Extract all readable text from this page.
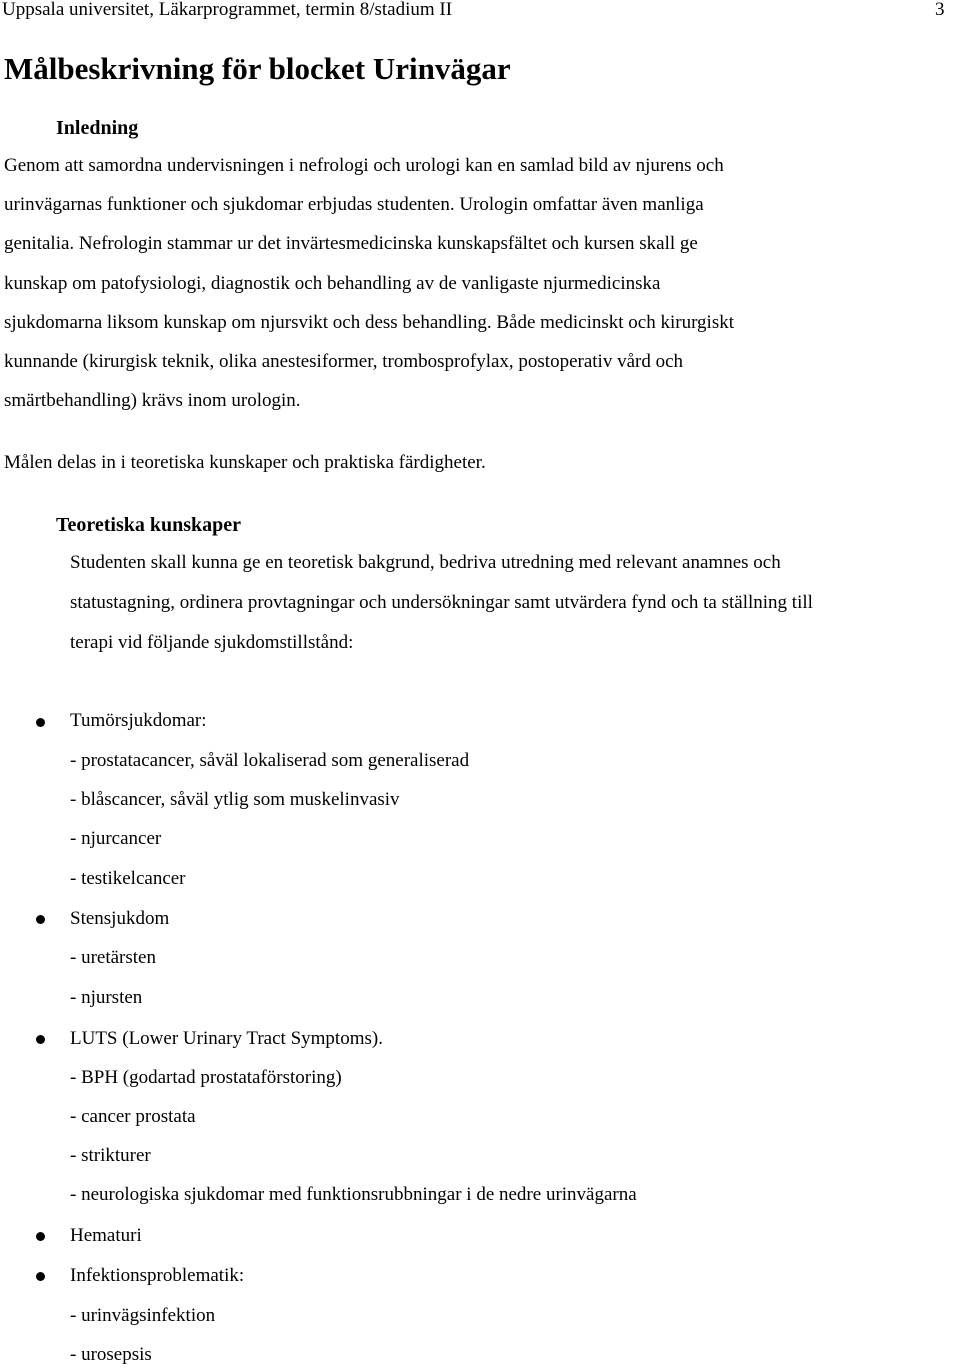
Uppsala universitet, Läkarprogrammet, termin 8/stadium II	3
Målbeskrivning för blocket Urinvägar
Inledning
Genom att samordna undervisningen i nefrologi och urologi kan en samlad bild av njurens och
urinvägarnas funktioner och sjukdomar erbjudas studenten. Urologin omfattar även manliga
genitalia. Nefrologin stammar ur det invärtesmedicinska kunskapsfältet och kursen skall ge
kunskap om patofysiologi, diagnostik och behandling av de vanligaste njurmedicinska
sjukdomarna liksom kunskap om njursvikt och dess behandling. Både medicinskt och kirurgiskt
kunnande (kirurgisk teknik, olika anestesiformer, trombosprofylax, postoperativ vård och
smärtbehandling) krävs inom urologin.
Målen delas in i teoretiska kunskaper och praktiska färdigheter.
Teoretiska kunskaper
Studenten skall kunna ge en teoretisk bakgrund, bedriva utredning med relevant anamnes och
statustagning, ordinera provtagningar och undersökningar samt utvärdera fynd och ta ställning till
terapi vid följande sjukdomstillstånd:
Tumörsjukdomar:
- prostatacancer, såväl lokaliserad som generaliserad
- blåscancer, såväl ytlig som muskelinvasiv
- njurcancer
- testikelcancer
Stensjukdom
- uretärsten
- njursten
LUTS (Lower Urinary Tract Symptoms).
- BPH (godartad prostataförstoring)
- cancer prostata
- strikturer
- neurologiska sjukdomar med funktionsrubbningar i de nedre urinvägarna
Hematuri
Infektionsproblematik:
- urinvägsinfektion
- urosepsis
